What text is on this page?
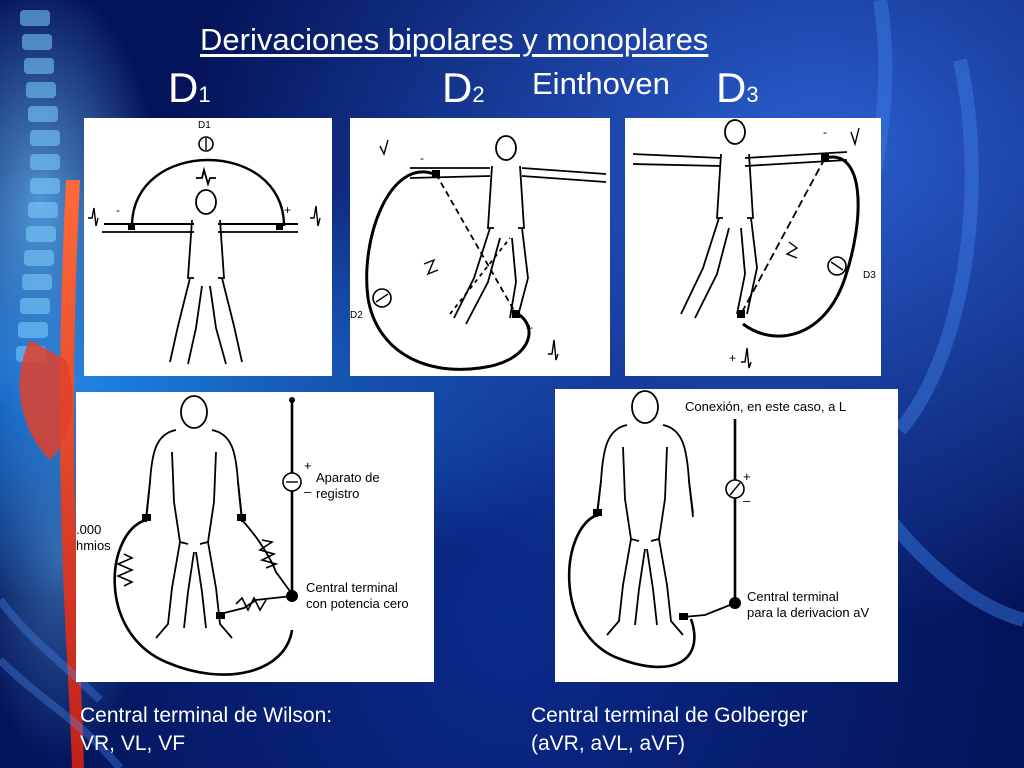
Derivaciones bipolares y monoplares
D1	D2 Einthoven D3
D1
-	+
-
+
D2
-
+
D3
+
–
Aparato de
registro
Central terminal
con potencia cero
.000
hmios
Conexión, en este caso, a L
+
–
Central terminal
para la derivacion aV
Central terminal de Wilson:
VR, VL, VF
Central terminal de Golberger
(aVR, aVL, aVF)
